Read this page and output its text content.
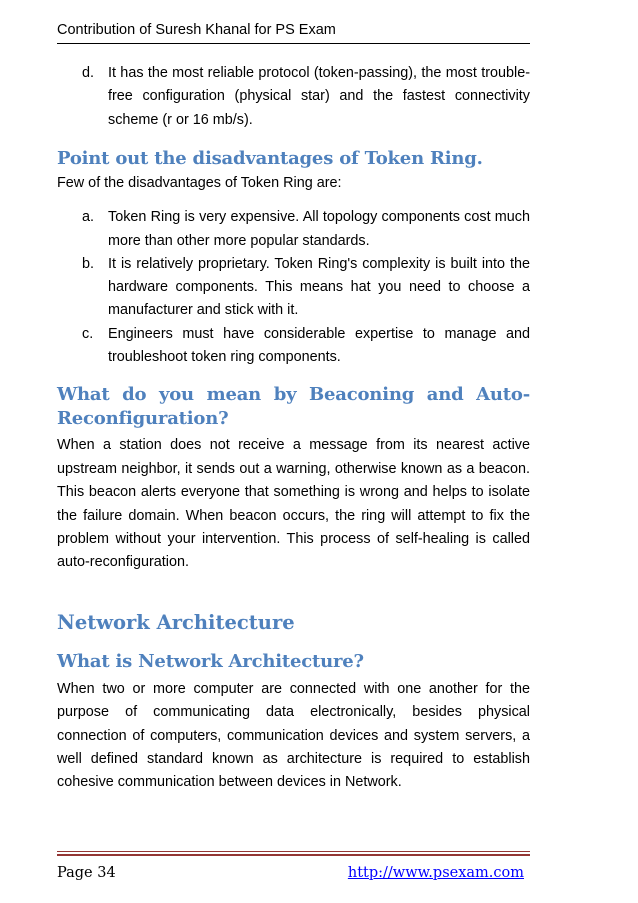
Contribution of Suresh Khanal for PS Exam
d. It has the most reliable protocol (token-passing), the most trouble-free configuration (physical star) and the fastest connectivity scheme (r or 16 mb/s).
Point out the disadvantages of Token Ring.

Few of the disadvantages of Token Ring are:

a. Token Ring is very expensive. All topology components cost much more than other more popular standards.
b. It is relatively proprietary. Token Ring's complexity is built into the hardware components. This means hat you need to choose a manufacturer and stick with it.
c.	Engineers must have considerable expertise to manage and troubleshoot token ring components.
What do you mean by Beaconing and Auto-Reconfiguration?

When a station does not receive a message from its nearest active upstream neighbor, it sends out a warning, otherwise known as a beacon. This beacon alerts everyone that something is wrong and helps to isolate the failure domain. When beacon occurs, the ring will attempt to fix the problem without your intervention. This process of self-healing is called auto-reconfiguration.

Network Architecture
What is Network Architecture?

When two or more computer are connected with one another for the purpose of communicating data electronically, besides physical connection of computers, communication devices and system servers, a well defined standard known as architecture is required to establish cohesive communication between devices in Network.

Page 34	http://www.psexam.com
